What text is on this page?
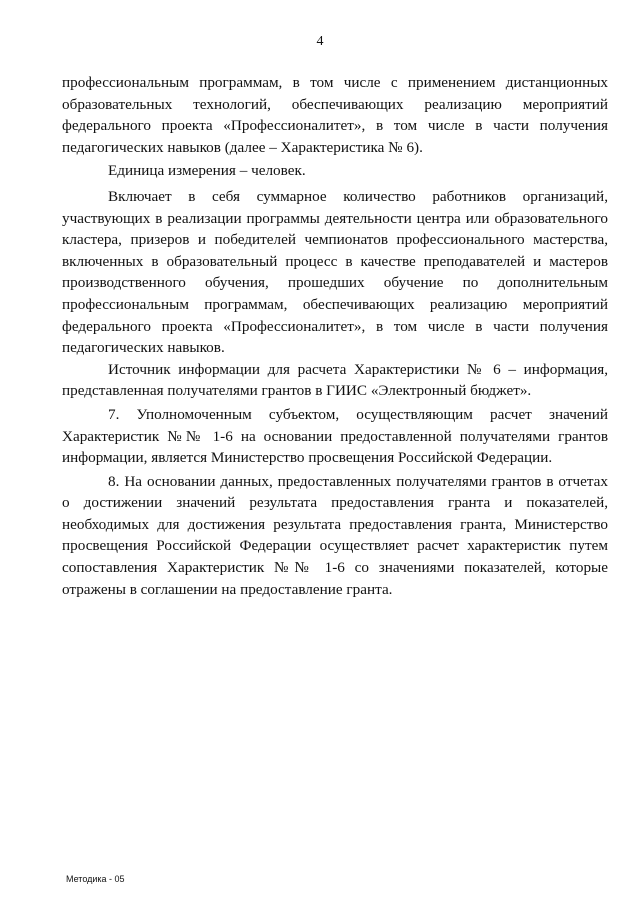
4

профессиональным программам, в том числе с применением дистанционных образовательных технологий, обеспечивающих реализацию мероприятий федерального проекта «Профессионалитет», в том числе в части получения педагогических навыков (далее – Характеристика № 6).

Единица измерения – человек.

Включает в себя суммарное количество работников организаций, участвующих в реализации программы деятельности центра или образовательного кластера, призеров и победителей чемпионатов профессионального мастерства, включенных в образовательный процесс в качестве преподавателей и мастеров производственного обучения, прошедших обучение по дополнительным профессиональным программам, обеспечивающих реализацию мероприятий федерального проекта «Профессионалитет», в том числе в части получения педагогических навыков.

Источник информации для расчета Характеристики № 6 – информация, представленная получателями грантов в ГИИС «Электронный бюджет».

7. Уполномоченным субъектом, осуществляющим расчет значений Характеристик №№ 1-6 на основании предоставленной получателями грантов информации, является Министерство просвещения Российской Федерации.

8. На основании данных, предоставленных получателями грантов в отчетах о достижении значений результата предоставления гранта и показателей, необходимых для достижения результата предоставления гранта, Министерство просвещения Российской Федерации осуществляет расчет характеристик путем сопоставления Характеристик №№ 1-6 со значениями показателей, которые отражены в соглашении на предоставление гранта.

Методика - 05
